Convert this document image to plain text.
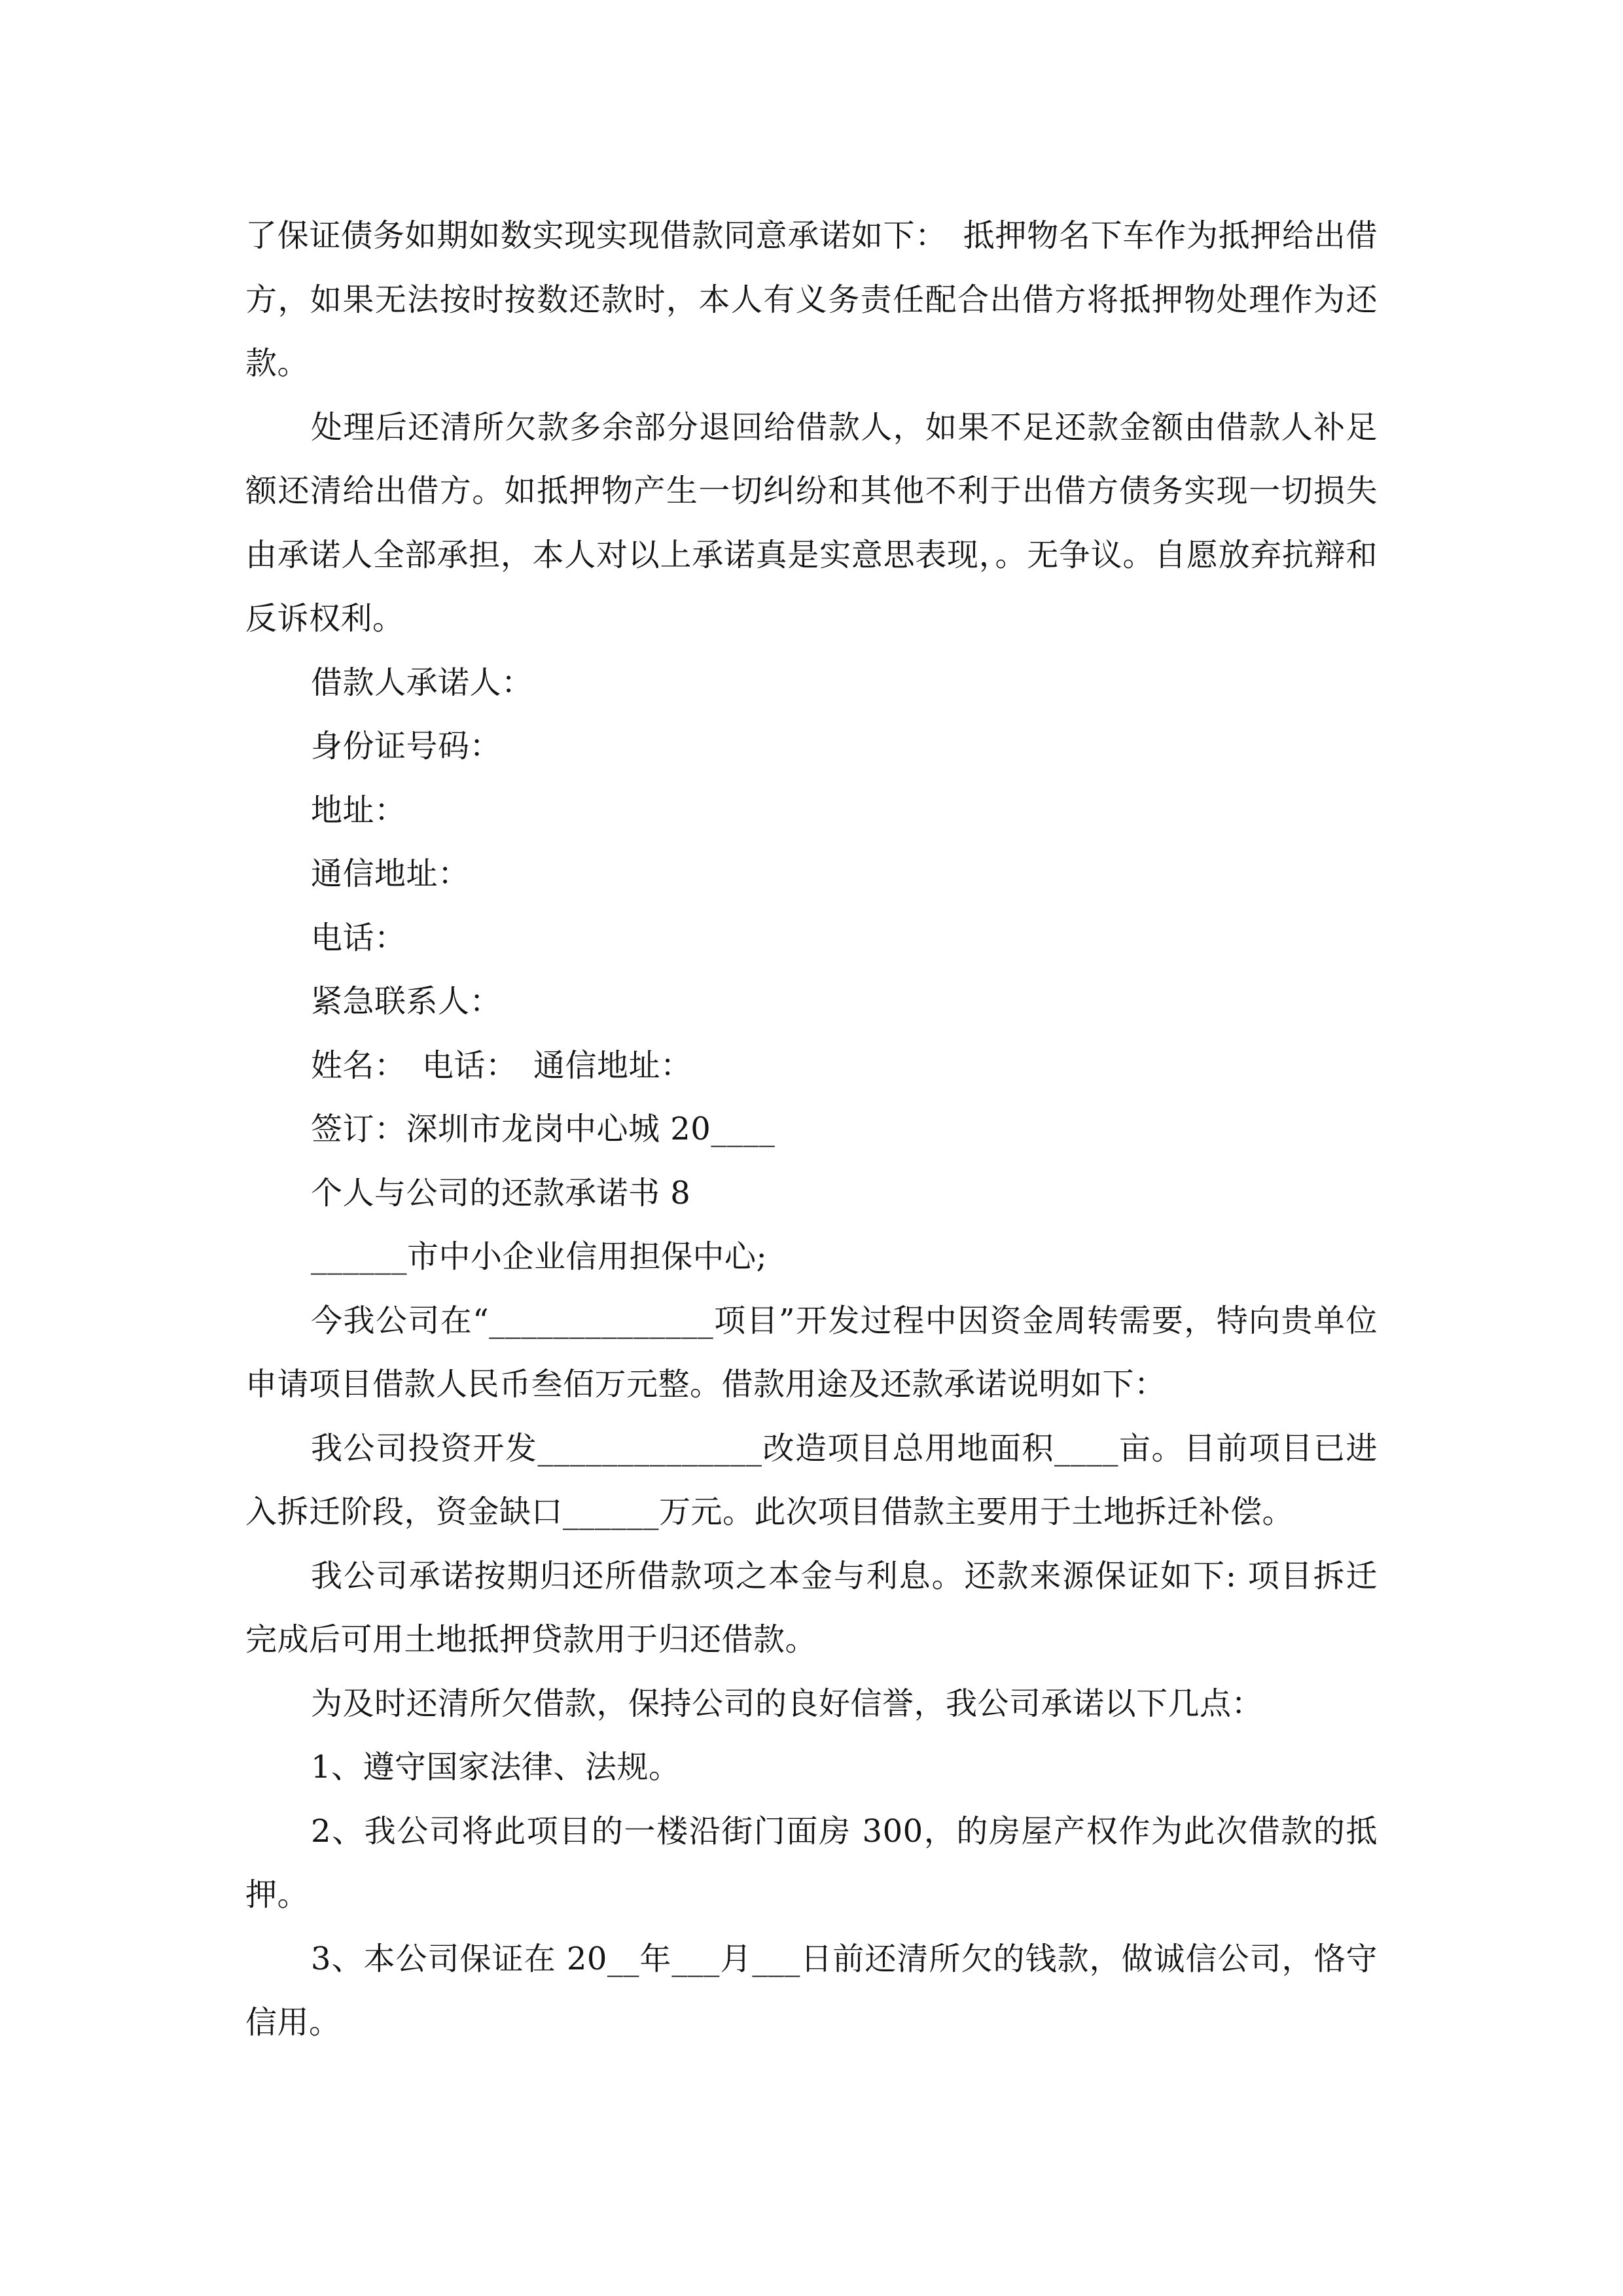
了保证债务如期如数实现实现借款同意承诺如下：　抵押物名下车作为抵押给出借方，如果无法按时按数还款时，本人有义务责任配合出借方将抵押物处理作为还款。

处理后还清所欠款多余部分退回给借款人，如果不足还款金额由借款人补足额还清给出借方。如抵押物产生一切纠纷和其他不利于出借方债务实现一切损失由承诺人全部承担，本人对以上承诺真是实意思表现，。无争议。自愿放弃抗辩和反诉权利。

借款人承诺人：

身份证号码：

地址：

通信地址：

电话：

紧急联系人：

姓名：　电话：　通信地址：

签订：深圳市龙岗中心城 20____

个人与公司的还款承诺书 8

______市中小企业信用担保中心;

今我公司在“______________项目”开发过程中因资金周转需要，特向贵单位申请项目借款人民币叁佰万元整。借款用途及还款承诺说明如下：

我公司投资开发______________改造项目总用地面积____亩。目前项目已进入拆迁阶段，资金缺口______万元。此次项目借款主要用于土地拆迁补偿。

我公司承诺按期归还所借款项之本金与利息。还款来源保证如下: 项目拆迁完成后可用土地抵押贷款用于归还借款。

为及时还清所欠借款，保持公司的良好信誉，我公司承诺以下几点：

1、遵守国家法律、法规。

2、我公司将此项目的一楼沿街门面房 300，的房屋产权作为此次借款的抵押。

3、本公司保证在 20__年___月___日前还清所欠的钱款，做诚信公司，恪守信用。
